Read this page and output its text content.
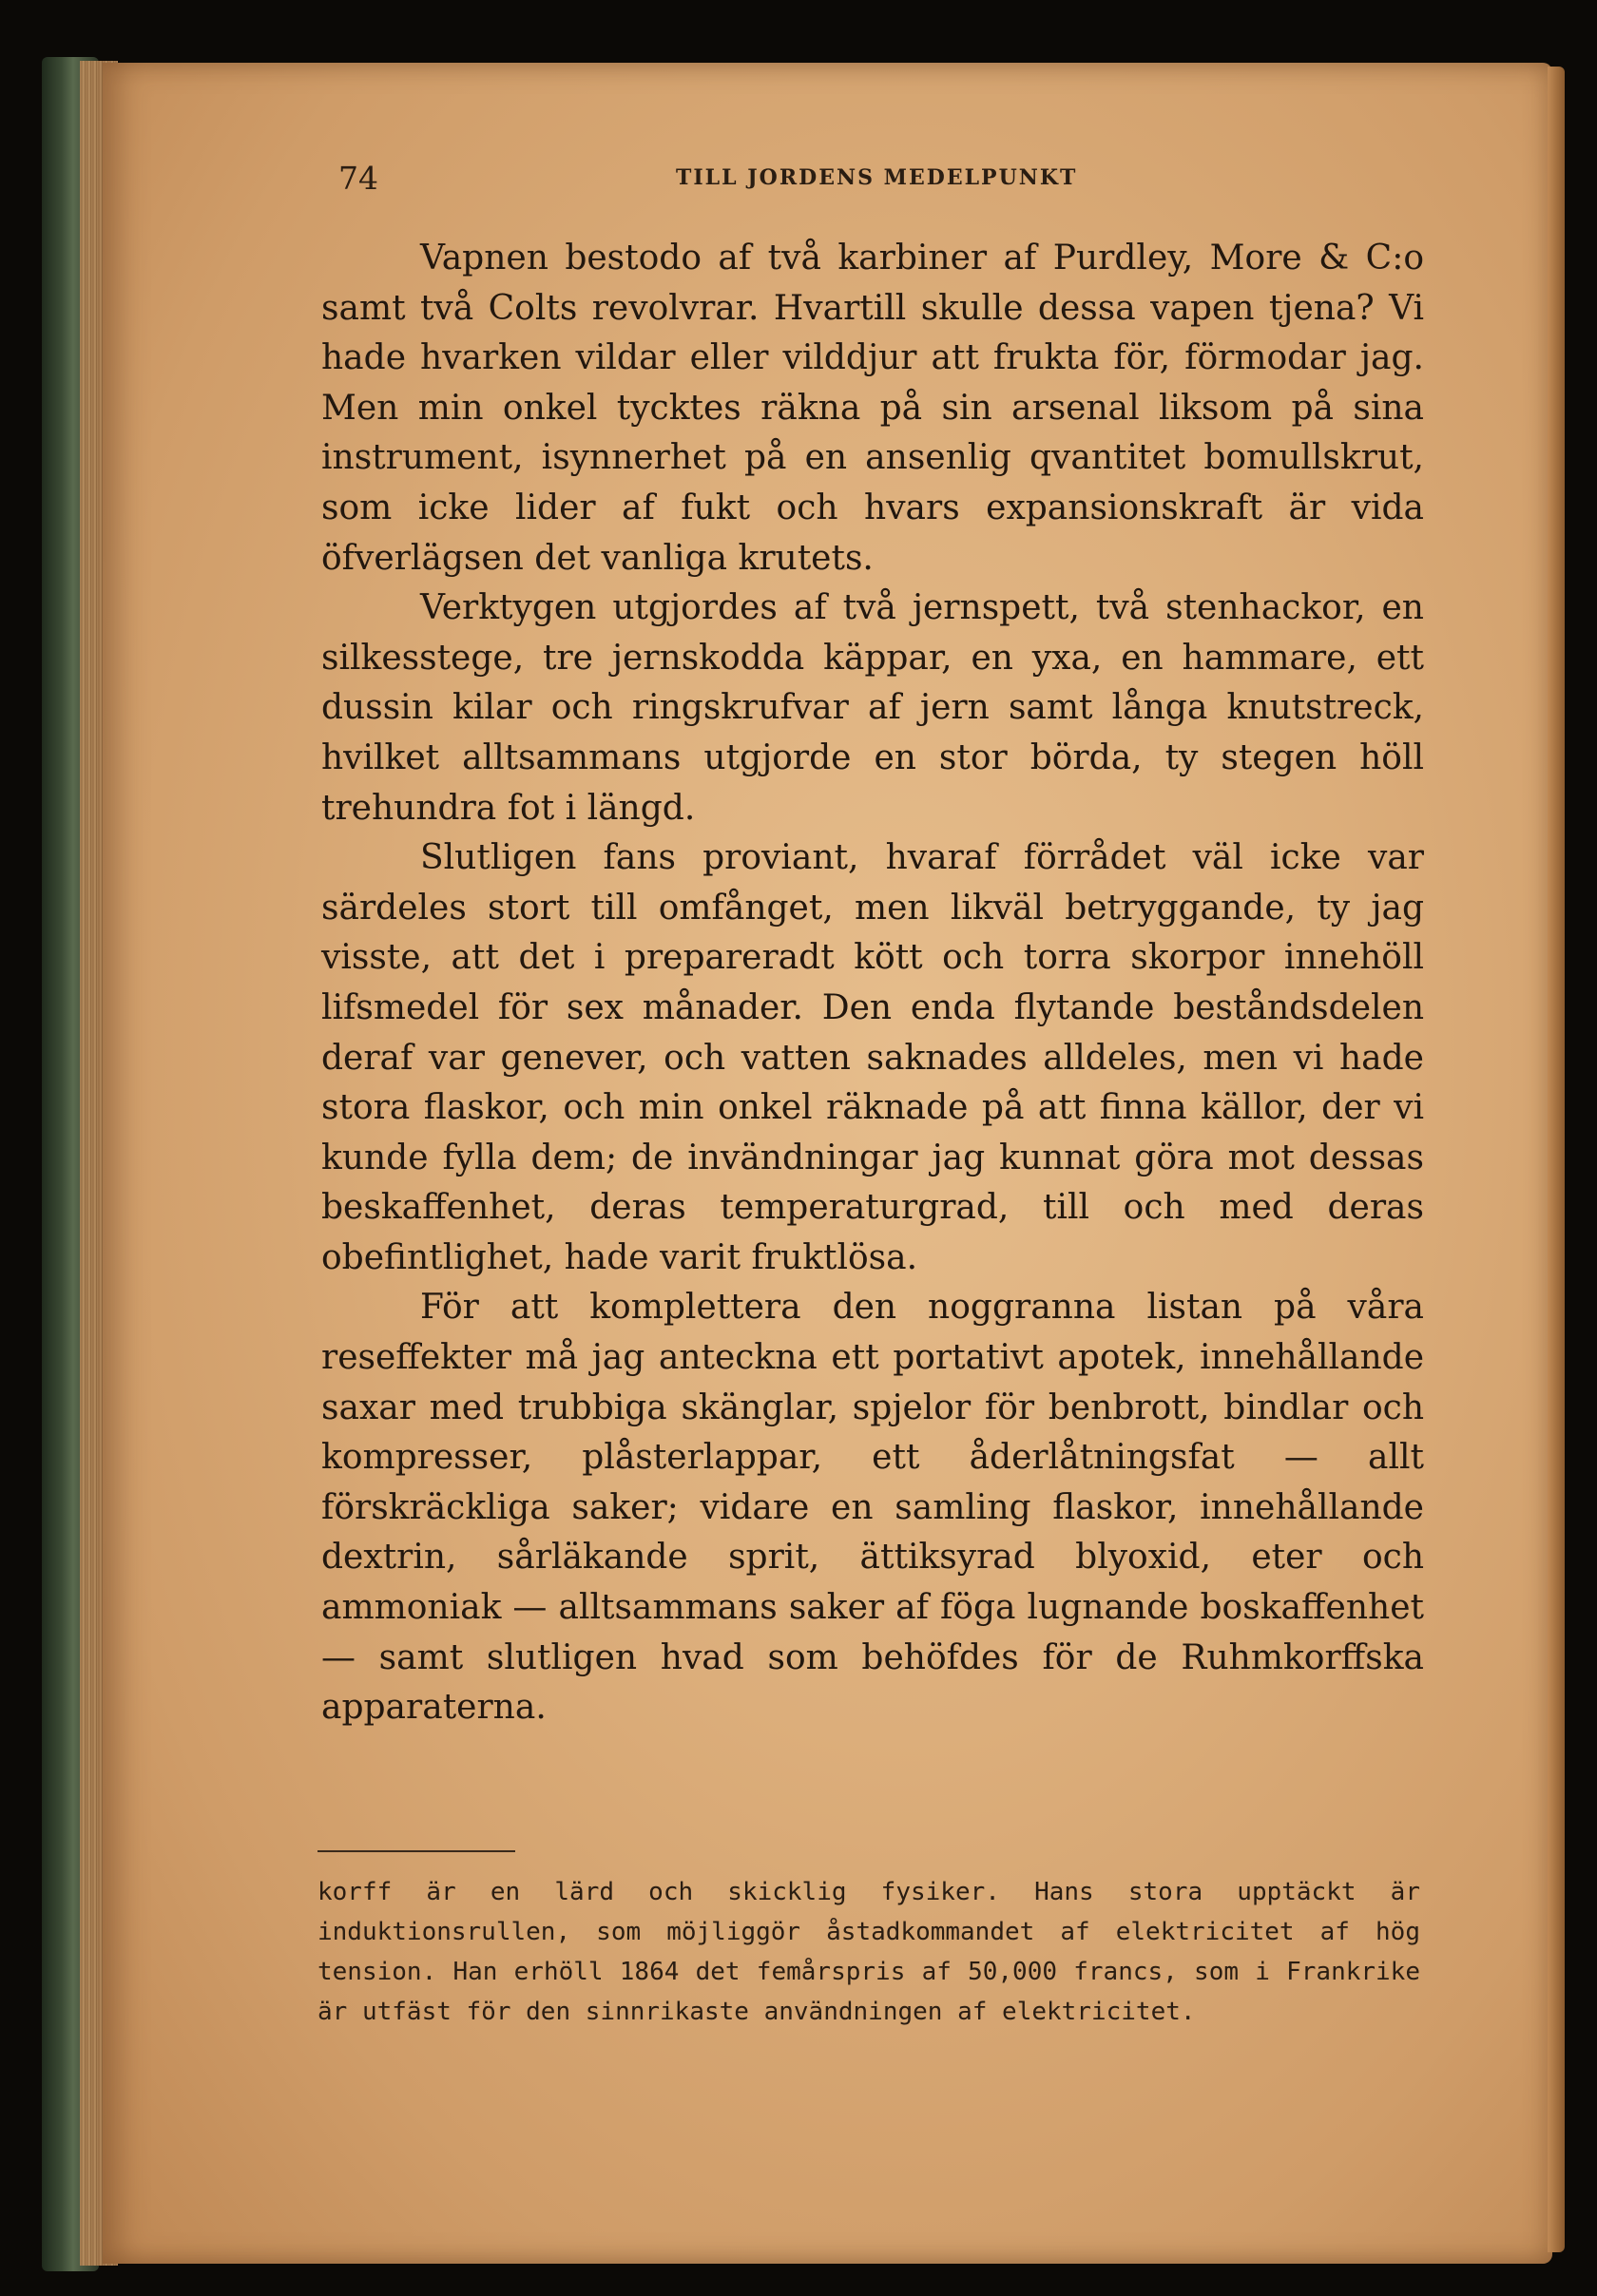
74	TILL JORDENS MEDELPUNKT

Vapnen bestodo af två karbiner af Purdley, More & C:o samt två Colts revolvrar. Hvartill skulle dessa vapen tjena? Vi hade hvarken vildar eller vilddjur att frukta för, förmodar jag. Men min onkel tycktes räkna på sin arsenal liksom på sina instrument, isynnerhet på en ansenlig qvantitet bomullskrut, som icke lider af fukt och hvars expansionskraft är vida öfverlägsen det vanliga krutets.

Verktygen utgjordes af två jernspett, två stenhackor, en silkesstege, tre jernskodda käppar, en yxa, en hammare, ett dussin kilar och ringskrufvar af jern samt långa knutstreck, hvilket alltsammans utgjorde en stor börda, ty stegen höll trehundra fot i längd.

Slutligen fans proviant, hvaraf förrådet väl icke var särdeles stort till omfånget, men likväl betryggande, ty jag visste, att det i prepareradt kött och torra skorpor innehöll lifsmedel för sex månader. Den enda flytande beståndsdelen deraf var genever, och vatten saknades alldeles, men vi hade stora flaskor, och min onkel räknade på att finna källor, der vi kunde fylla dem; de invändningar jag kunnat göra mot dessas beskaffenhet, deras temperaturgrad, till och med deras obefintlighet, hade varit fruktlösa.

För att komplettera den noggranna listan på våra reseffekter må jag anteckna ett portativt apotek, innehållande saxar med trubbiga skänglar, spjelor för benbrott, bindlar och kompresser, plåsterlappar, ett åderlåtningsfat — allt förskräckliga saker; vidare en samling flaskor, innehållande dextrin, sårläkande sprit, ättiksyrad blyoxid, eter och ammoniak — alltsammans saker af föga lugnande boskaffenhet — samt slutligen hvad som behöfdes för de Ruhmkorffska apparaterna.

korff är en lärd och skicklig fysiker. Hans stora upptäckt är induktionsrullen, som möjliggör åstadkommandet af elektricitet af hög tension. Han erhöll 1864 det femårspris af 50,000 francs, som i Frankrike är utfäst för den sinnrikaste användningen af elektricitet.
